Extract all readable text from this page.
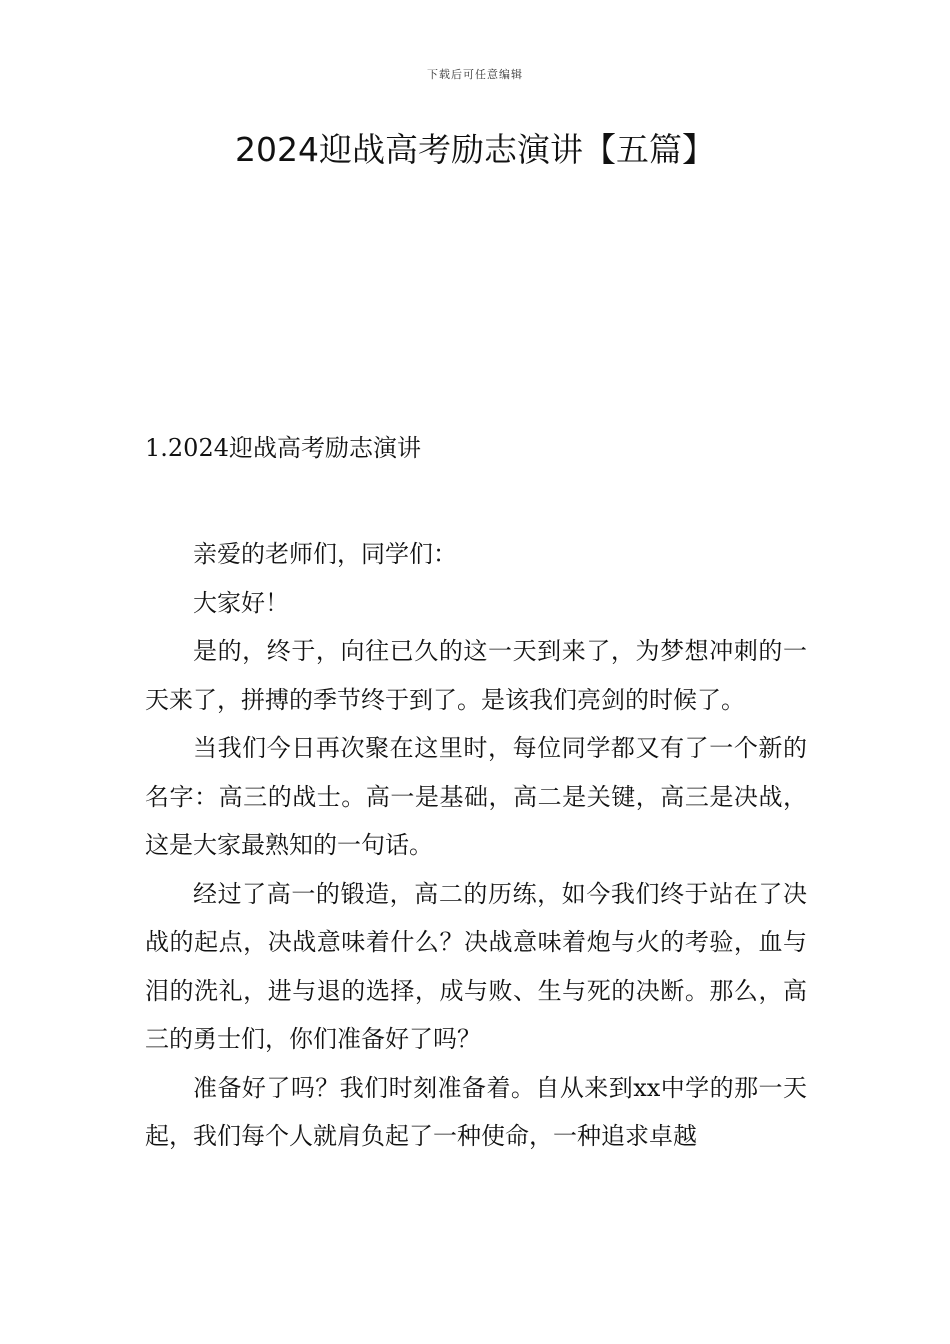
下载后可任意编辑
2024迎战高考励志演讲【五篇】
1.2024迎战高考励志演讲

亲爱的老师们，同学们：

大家好！

是的，终于，向往已久的这一天到来了，为梦想冲刺的一天来了，拼搏的季节终于到了。是该我们亮剑的时候了。

当我们今日再次聚在这里时，每位同学都又有了一个新的名字：高三的战士。高一是基础，高二是关键，高三是决战，这是大家最熟知的一句话。

经过了高一的锻造，高二的历练，如今我们终于站在了决战的起点，决战意味着什么？决战意味着炮与火的考验，血与泪的洗礼，进与退的选择，成与败、生与死的决断。那么，高三的勇士们，你们准备好了吗？

准备好了吗？我们时刻准备着。自从来到xx中学的那一天起，我们每个人就肩负起了一种使命，一种追求卓越
